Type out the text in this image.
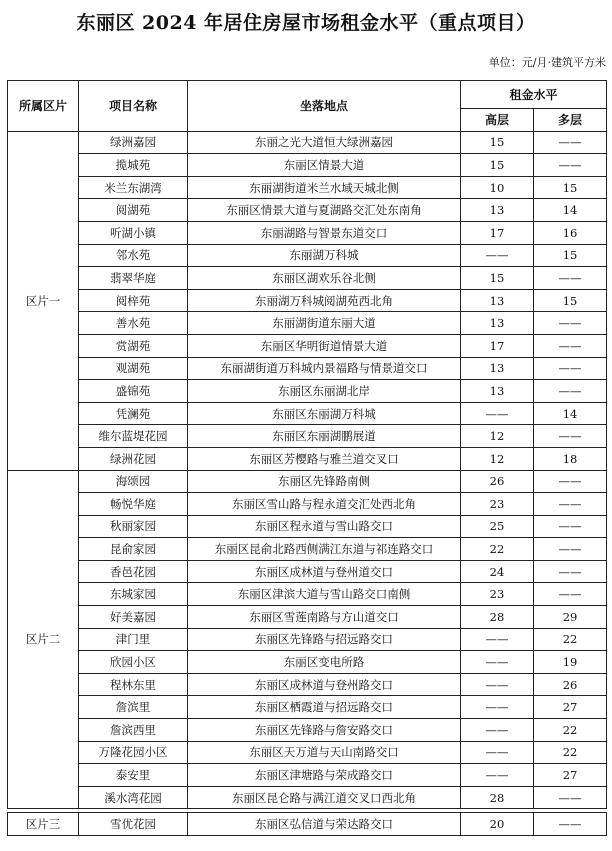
东丽区 2024 年居住房屋市场租金水平（重点项目）
单位：元/月·建筑平方米
所属区片	项目名称	坐落地点	租金水平	
			高层	多层
区片一	绿洲嘉园	东丽之光大道恒大绿洲嘉园	15	——
	揽城苑	东丽区情景大道	15	——
	米兰东湖湾	东丽湖街道米兰水域天城北侧	10	15
	阅湖苑	东丽区情景大道与夏湖路交汇处东南角	13	14
	听湖小镇	东丽湖路与智景东道交口	17	16
	邻水苑	东丽湖万科城	——	15
	翡翠华庭	东丽区湖欢乐谷北侧	15	——
	阅梓苑	东丽湖万科城阅湖苑西北角	13	15
	善水苑	东丽湖街道东丽大道	13	——
	赏湖苑	东丽区华明街道情景大道	17	——
	观湖苑	东丽湖街道万科城内景福路与情景道交口	13	——
	盛锦苑	东丽区东丽湖北岸	13	——
	凭澜苑	东丽区东丽湖万科城	——	14
	维尔蓝堤花园	东丽区东丽湖鹏展道	12	——
	绿洲花园	东丽区芳樱路与雅兰道交叉口	12	18
区片二	海颂园	东丽区先锋路南侧	26	——
	畅悦华庭	东丽区雪山路与程永道交汇处西北角	23	——
	秋丽家园	东丽区程永道与雪山路交口	25	——
	昆俞家园	东丽区昆俞北路西侧满江东道与祁连路交口	22	——
	香邑花园	东丽区成林道与登州道交口	24	——
	东城家园	东丽区津滨大道与雪山路交口南侧	23	——
	好美嘉园	东丽区雪莲南路与方山道交口	28	29
	津门里	东丽区先锋路与招远路交口	——	22
	欣园小区	东丽区变电所路	——	19
	程林东里	东丽区成林道与登州路交口	——	26
	詹滨里	东丽区栖霞道与招远路交口	——	27
	詹滨西里	东丽区先锋路与詹安路交口	——	22
	万隆花园小区	东丽区天万道与天山南路交口	——	22
	泰安里	东丽区津塘路与荣成路交口	——	27
	溪水湾花园	东丽区昆仑路与满江道交叉口西北角	28	——

区片三	雪优花园	东丽区弘信道与荣达路交口	20	——
